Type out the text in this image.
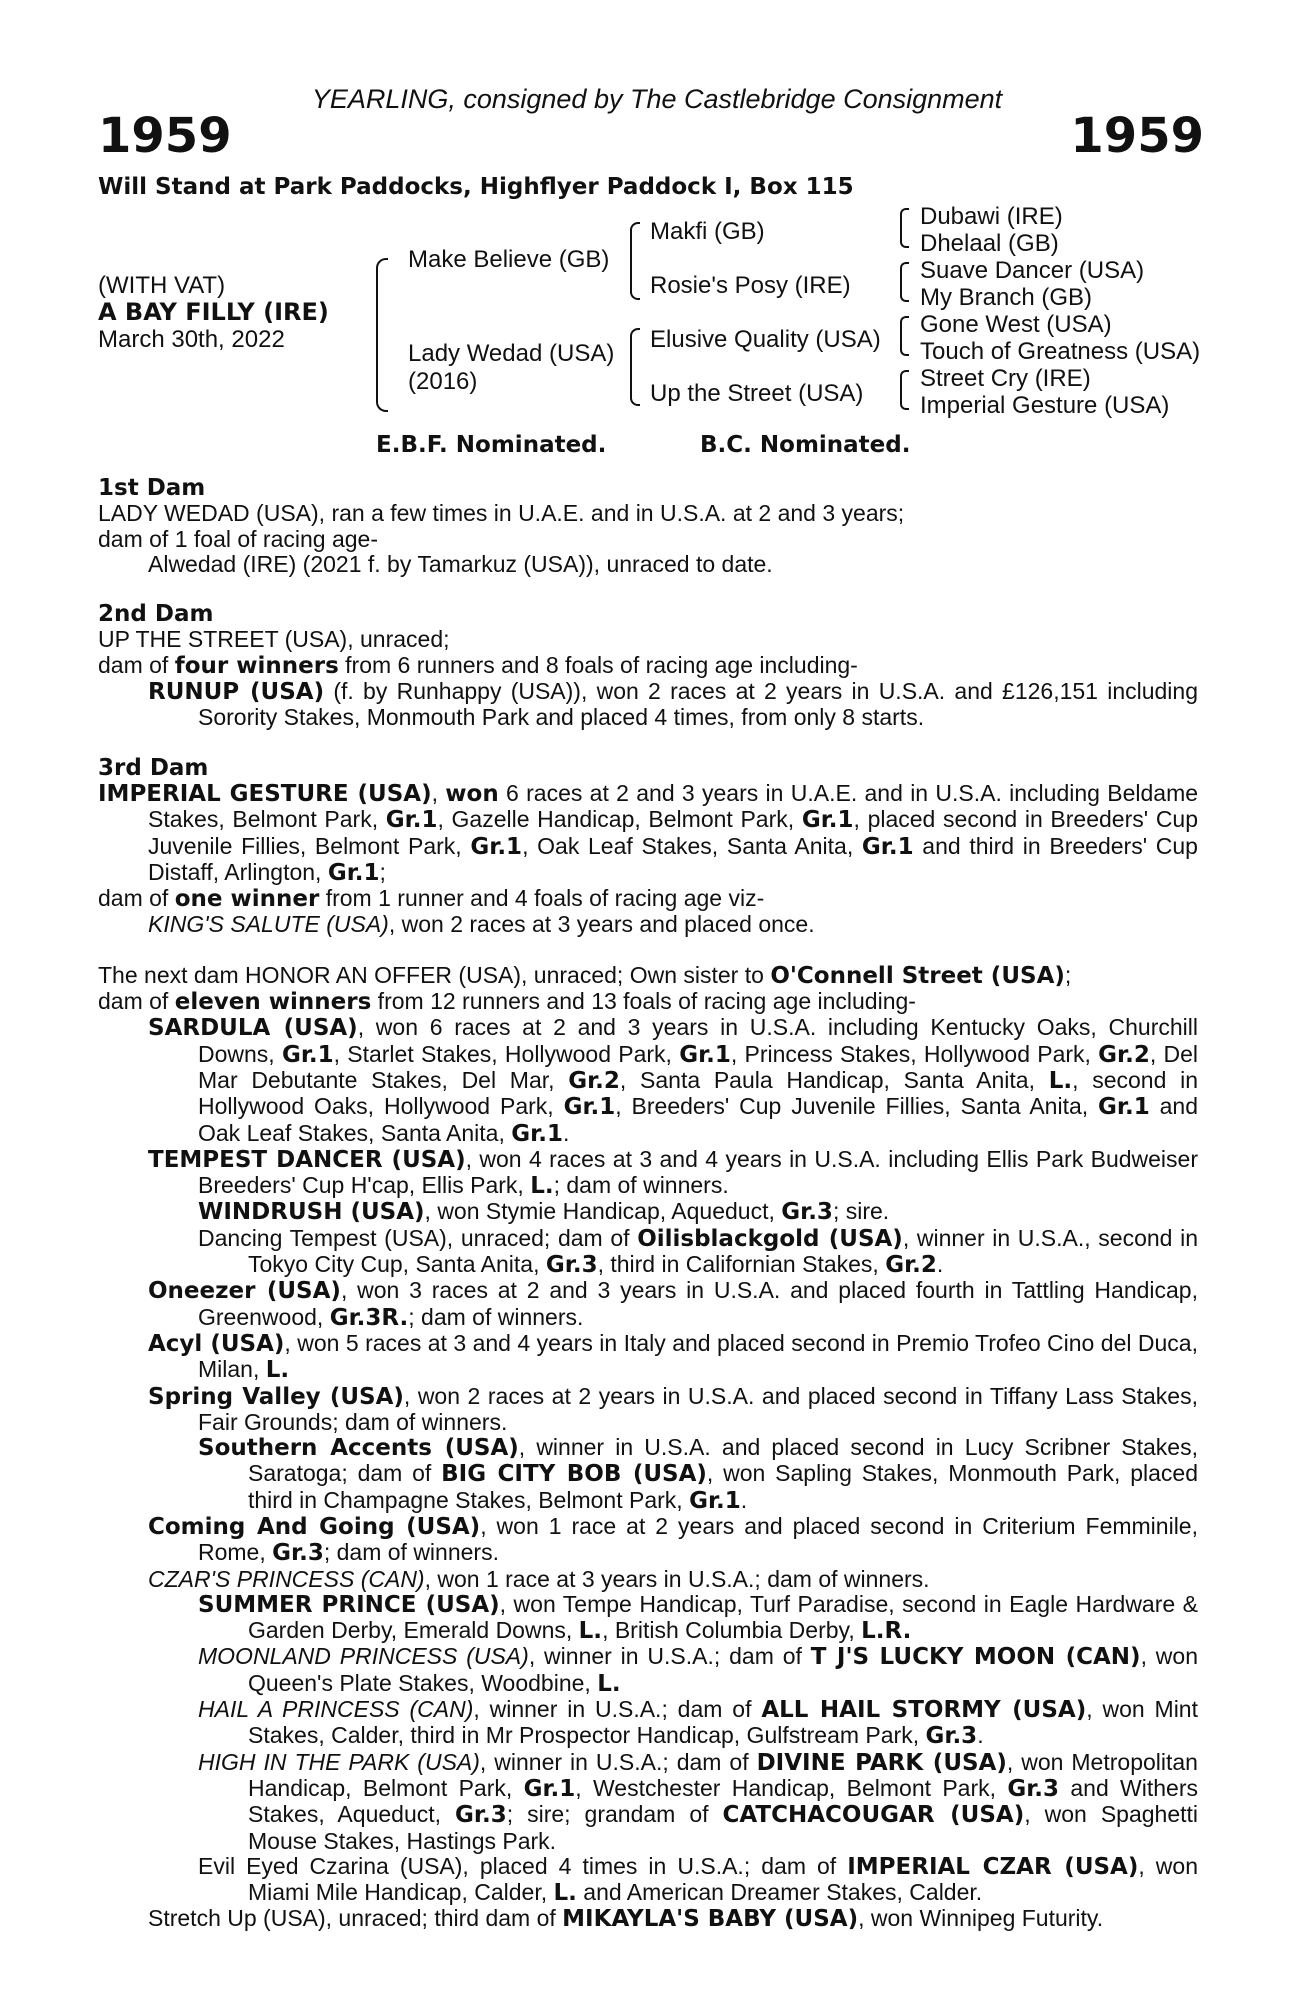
YEARLING, consigned by The Castlebridge Consignment
1959	1959
Will Stand at Park Paddocks, Highflyer Paddock I, Box 115
(WITH VAT)
A BAY FILLY (IRE)
March 30th, 2022
Make Believe (GB)
Lady Wedad (USA)
(2016)
Makfi (GB)
Rosie's Posy (IRE)
Elusive Quality (USA)
Up the Street (USA)
Dubawi (IRE)
Dhelaal (GB)
Suave Dancer (USA)
My Branch (GB)
Gone West (USA)
Touch of Greatness (USA)
Street Cry (IRE)
Imperial Gesture (USA)
E.B.F. Nominated.	B.C. Nominated.

1st Dam

LADY WEDAD (USA), ran a few times in U.A.E. and in U.S.A. at 2 and 3 years;

dam of 1 foal of racing age-

Alwedad (IRE) (2021 f. by Tamarkuz (USA)), unraced to date.

2nd Dam

UP THE STREET (USA), unraced;

dam of four winners from 6 runners and 8 foals of racing age including-

RUNUP (USA) (f. by Runhappy (USA)), won 2 races at 2 years in U.S.A. and £126,151 including Sorority Stakes, Monmouth Park and placed 4 times, from only 8 starts.

3rd Dam

IMPERIAL GESTURE (USA), won 6 races at 2 and 3 years in U.A.E. and in U.S.A. including Beldame Stakes, Belmont Park, Gr.1, Gazelle Handicap, Belmont Park, Gr.1, placed second in Breeders' Cup Juvenile Fillies, Belmont Park, Gr.1, Oak Leaf Stakes, Santa Anita, Gr.1 and third in Breeders' Cup Distaff, Arlington, Gr.1;

dam of one winner from 1 runner and 4 foals of racing age viz-

KING'S SALUTE (USA), won 2 races at 3 years and placed once.

The next dam HONOR AN OFFER (USA), unraced; Own sister to O'Connell Street (USA);

dam of eleven winners from 12 runners and 13 foals of racing age including-

SARDULA (USA), won 6 races at 2 and 3 years in U.S.A. including Kentucky Oaks, Churchill Downs, Gr.1, Starlet Stakes, Hollywood Park, Gr.1, Princess Stakes, Hollywood Park, Gr.2, Del Mar Debutante Stakes, Del Mar, Gr.2, Santa Paula Handicap, Santa Anita, L., second in Hollywood Oaks, Hollywood Park, Gr.1, Breeders' Cup Juvenile Fillies, Santa Anita, Gr.1 and Oak Leaf Stakes, Santa Anita, Gr.1.

TEMPEST DANCER (USA), won 4 races at 3 and 4 years in U.S.A. including Ellis Park Budweiser Breeders' Cup H'cap, Ellis Park, L.; dam of winners.

WINDRUSH (USA), won Stymie Handicap, Aqueduct, Gr.3; sire.

Dancing Tempest (USA), unraced; dam of Oilisblackgold (USA), winner in U.S.A., second in Tokyo City Cup, Santa Anita, Gr.3, third in Californian Stakes, Gr.2.

Oneezer (USA), won 3 races at 2 and 3 years in U.S.A. and placed fourth in Tattling Handicap, Greenwood, Gr.3R.; dam of winners.

Acyl (USA), won 5 races at 3 and 4 years in Italy and placed second in Premio Trofeo Cino del Duca, Milan, L.

Spring Valley (USA), won 2 races at 2 years in U.S.A. and placed second in Tiffany Lass Stakes, Fair Grounds; dam of winners.

Southern Accents (USA), winner in U.S.A. and placed second in Lucy Scribner Stakes, Saratoga; dam of BIG CITY BOB (USA), won Sapling Stakes, Monmouth Park, placed third in Champagne Stakes, Belmont Park, Gr.1.

Coming And Going (USA), won 1 race at 2 years and placed second in Criterium Femminile, Rome, Gr.3; dam of winners.

CZAR'S PRINCESS (CAN), won 1 race at 3 years in U.S.A.; dam of winners.

SUMMER PRINCE (USA), won Tempe Handicap, Turf Paradise, second in Eagle Hardware & Garden Derby, Emerald Downs, L., British Columbia Derby, L.R.

MOONLAND PRINCESS (USA), winner in U.S.A.; dam of T J'S LUCKY MOON (CAN), won Queen's Plate Stakes, Woodbine, L.

HAIL A PRINCESS (CAN), winner in U.S.A.; dam of ALL HAIL STORMY (USA), won Mint Stakes, Calder, third in Mr Prospector Handicap, Gulfstream Park, Gr.3.

HIGH IN THE PARK (USA), winner in U.S.A.; dam of DIVINE PARK (USA), won Metropolitan Handicap, Belmont Park, Gr.1, Westchester Handicap, Belmont Park, Gr.3 and Withers Stakes, Aqueduct, Gr.3; sire; grandam of CATCHACOUGAR (USA), won Spaghetti Mouse Stakes, Hastings Park.

Evil Eyed Czarina (USA), placed 4 times in U.S.A.; dam of IMPERIAL CZAR (USA), won Miami Mile Handicap, Calder, L. and American Dreamer Stakes, Calder.

Stretch Up (USA), unraced; third dam of MIKAYLA'S BABY (USA), won Winnipeg Futurity.
